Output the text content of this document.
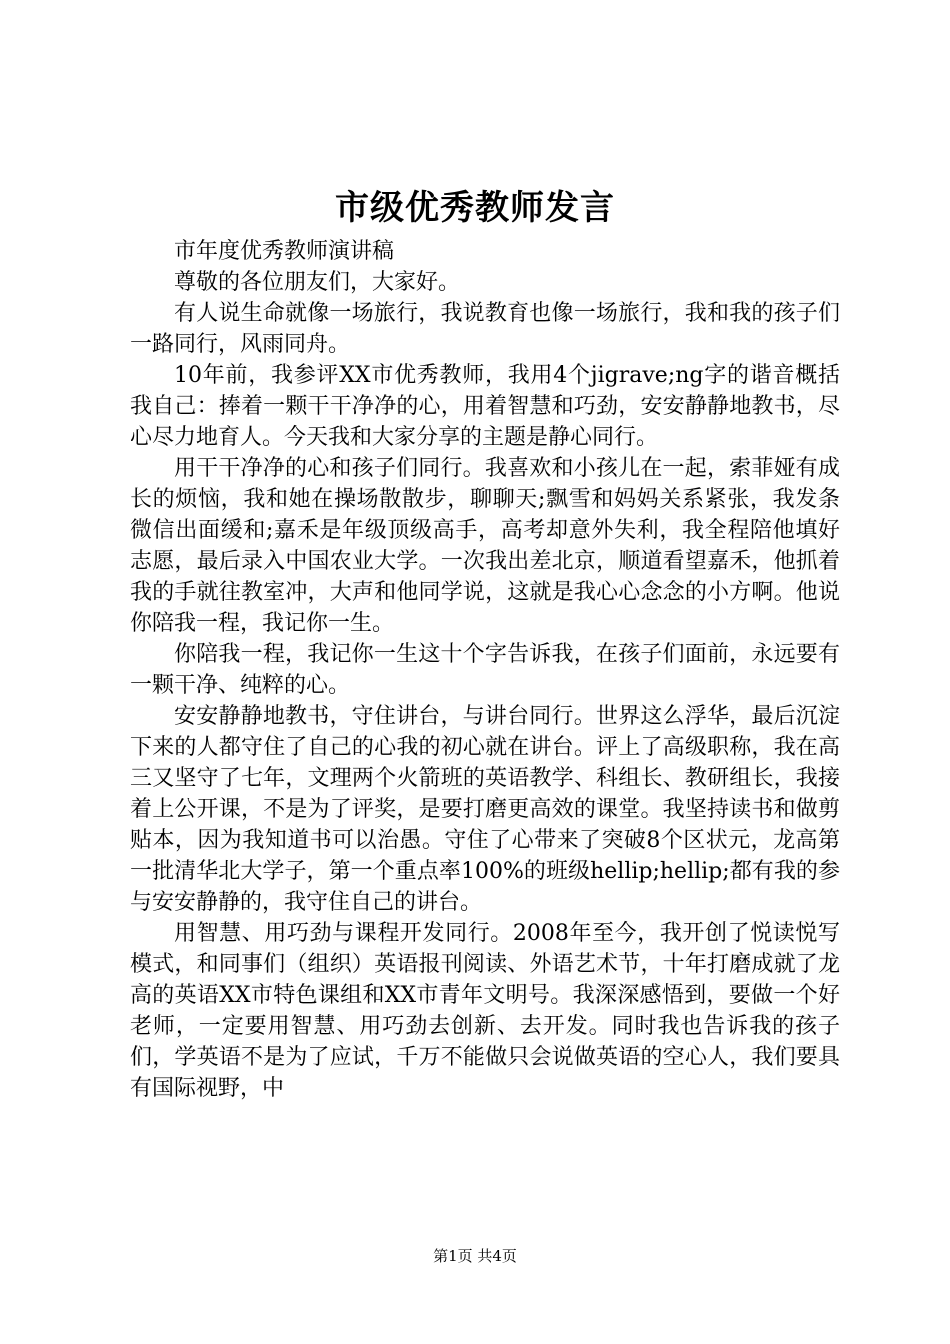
市级优秀教师发言

市年度优秀教师演讲稿

尊敬的各位朋友们，大家好。

有人说生命就像一场旅行，我说教育也像一场旅行，我和我的孩子们一路同行，风雨同舟。

10年前，我参评XX市优秀教师，我用4个jigrave;ng字的谐音概括我自己：捧着一颗干干净净的心，用着智慧和巧劲，安安静静地教书，尽心尽力地育人。今天我和大家分享的主题是静心同行。

用干干净净的心和孩子们同行。我喜欢和小孩儿在一起，索菲娅有成长的烦恼，我和她在操场散散步，聊聊天;飘雪和妈妈关系紧张，我发条微信出面缓和;嘉禾是年级顶级高手，高考却意外失利，我全程陪他填好志愿，最后录入中国农业大学。一次我出差北京，顺道看望嘉禾，他抓着我的手就往教室冲，大声和他同学说，这就是我心心念念的小方啊。他说你陪我一程，我记你一生。

你陪我一程，我记你一生这十个字告诉我，在孩子们面前，永远要有一颗干净、纯粹的心。

安安静静地教书，守住讲台，与讲台同行。世界这么浮华，最后沉淀下来的人都守住了自己的心我的初心就在讲台。评上了高级职称，我在高三又坚守了七年，文理两个火箭班的英语教学、科组长、教研组长，我接着上公开课，不是为了评奖，是要打磨更高效的课堂。我坚持读书和做剪贴本，因为我知道书可以治愚。守住了心带来了突破8个区状元，龙高第一批清华北大学子，第一个重点率100%的班级hellip;hellip;都有我的参与安安静静的，我守住自己的讲台。

用智慧、用巧劲与课程开发同行。2008年至今，我开创了悦读悦写模式，和同事们（组织）英语报刊阅读、外语艺术节，十年打磨成就了龙高的英语XX市特色课组和XX市青年文明号。我深深感悟到，要做一个好老师，一定要用智慧、用巧劲去创新、去开发。同时我也告诉我的孩子们，学英语不是为了应试，千万不能做只会说做英语的空心人，我们要具有国际视野，中

第1页 共4页
